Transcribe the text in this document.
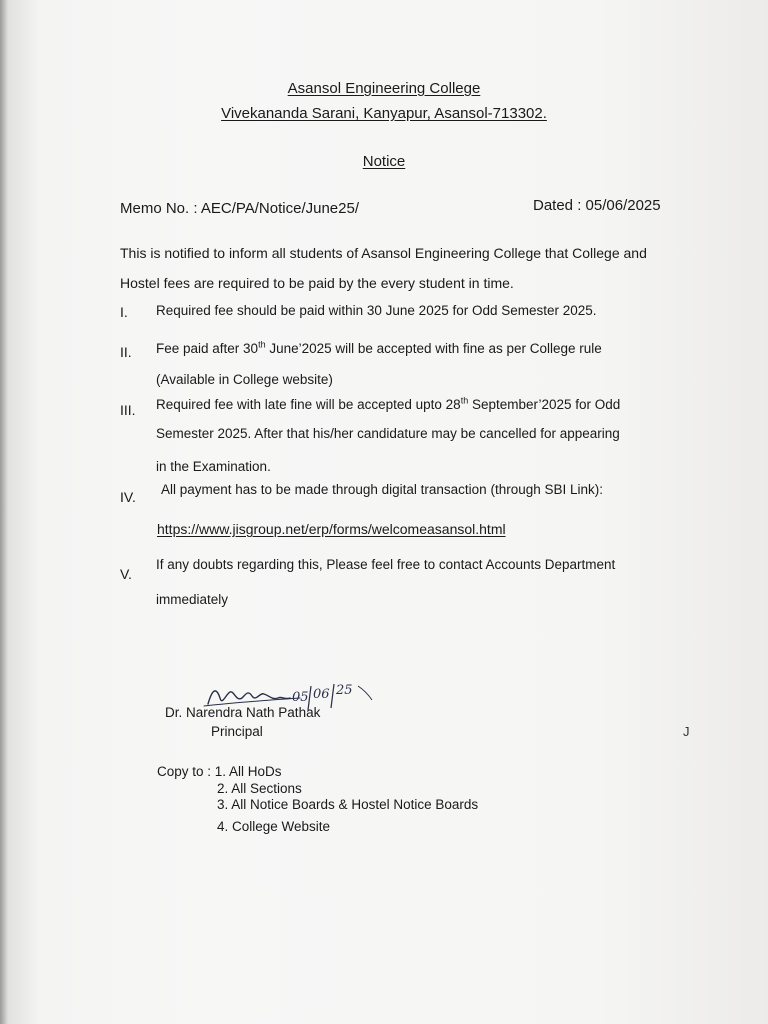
Asansol Engineering College
Vivekananda Sarani, Kanyapur, Asansol-713302.
Notice
Memo No. : AEC/PA/Notice/June25/	Dated : 05/06/2025
This is notified to inform all students of Asansol Engineering College that College and
Hostel fees are required to be paid by the every student in time.
I. Required fee should be paid within 30 June 2025 for Odd Semester 2025.
II. Fee paid after 30th June’2025 will be accepted with fine as per College rule
(Available in College website)
III. Required fee with late fine will be accepted upto 28th September’2025 for Odd
Semester 2025. After that his/her candidature may be cancelled for appearing
in the Examination.
IV. All payment has to be made through digital transaction (through SBI Link):
https://www.jisgroup.net/erp/forms/welcomeasansol.html
V.
If any doubts regarding this, Please feel free to contact Accounts Department
immediately
05 06 25
Dr. Narendra Nath Pathak
Principal
Copy to : 1. All HoDs
2. All Sections
3. All Notice Boards & Hostel Notice Boards
4. College Website
J
